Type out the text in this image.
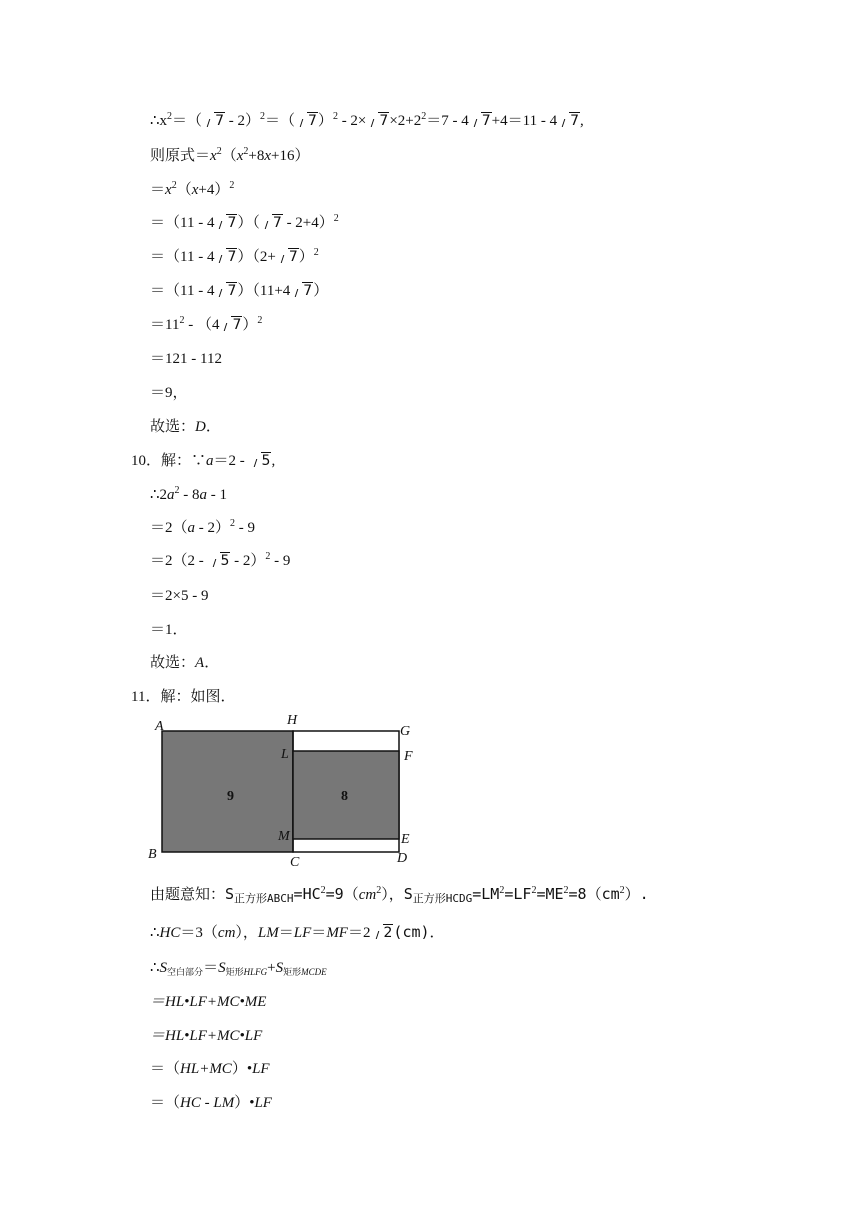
$\therefore x^2=$（ 7 - 2）$^2$＝（ $7)^2 - 2\times 7\times 2+2^2=7 - 4$ 7+4＝11 - 4 7,
则原式$=x^2(x^2+8x+16)$
$=x^2(x+4)^2$
＝（11 - 4 7）（ 7 - 2+4）$^2$
＝（11 - 4 $7)(2+ 7)^2$
＝（11 - 4 7）（11+4 7）
$=11^2 - (4$ 7）$^2$
＝121 - 112
＝9，
故选：D．
10．解：∵a＝2 - 5,
$\therefore 2a^2 - 8a - 1$
＝2（a - 2）$^2$ - 9
＝2（2 - 5 - 2）$^2$ - 9
＝2×5 - 9
＝1．
故选：A．
11．解：如图．
A
B
C	D
E
F
G
H
L
M
9	8
由题意知：$S_{正方形ABCH}=HC^2=9(cm^2)$，$S_{正方形HCDG}=LM^2=LF^2=ME^2=8(cm^2)$.
∴HC＝3（cm），LM＝LF＝MF＝2 2(cm)．
$\therefore S_{空白部分}=S_{矩形HLFG}+S_{矩形MCDE}$
＝HL•LF+MC•ME
＝HL•LF+MC•LF
＝（HL+MC）•LF
＝（HC - LM）•LF
